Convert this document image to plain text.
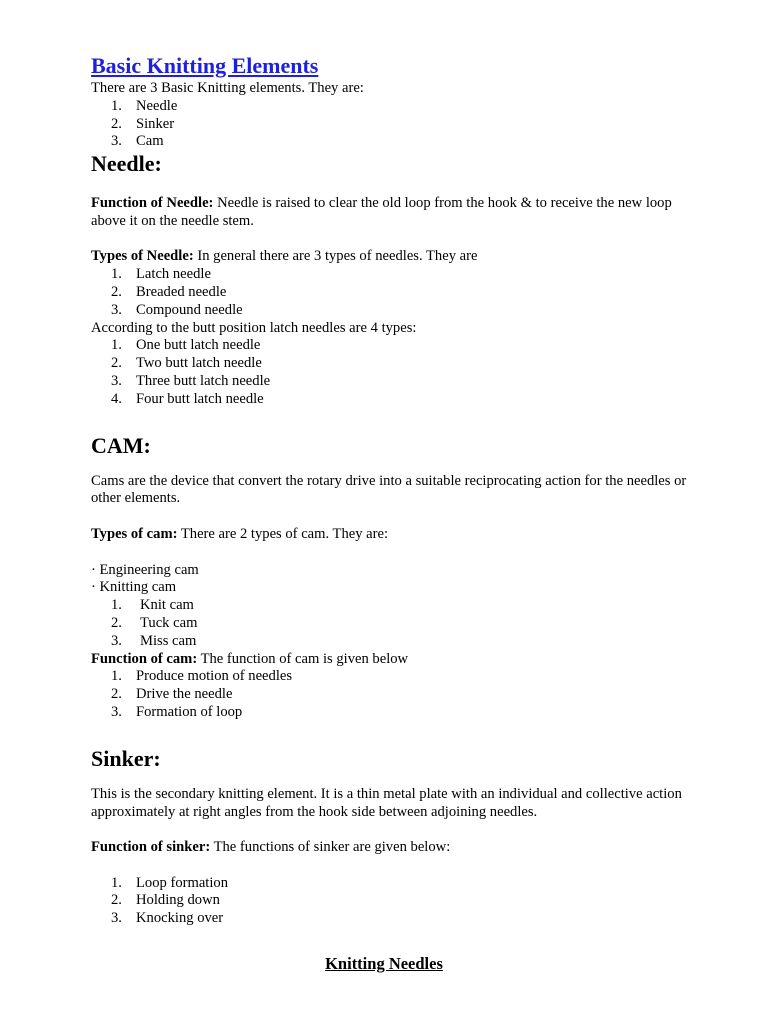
Basic Knitting Elements

There are 3 Basic Knitting elements. They are:

1. Needle
2. Sinker
3. Cam
Needle:

Function of Needle: Needle is raised to clear the old loop from the hook & to receive the new loop above it on the needle stem.

Types of Needle: In general there are 3 types of needles. They are

1. Latch needle
2. Breaded needle
3. Compound needle

According to the butt position latch needles are 4 types:

1. One butt latch needle
2. Two butt latch needle
3. Three butt latch needle
4. Four butt latch needle
CAM:

Cams are the device that convert the rotary drive into a suitable reciprocating action for the needles or other elements.

Types of cam: There are 2 types of cam. They are:

· Engineering cam

· Knitting cam

1.	Knit cam
2.	Tuck cam
3.	Miss cam

Function of cam: The function of cam is given below

1. Produce motion of needles
2. Drive the needle
3. Formation of loop
Sinker:

This is the secondary knitting element. It is a thin metal plate with an individual and collective action approximately at right angles from the hook side between adjoining needles.

Function of sinker: The functions of sinker are given below:

1. Loop formation
2. Holding down
3. Knocking over
Knitting Needles
